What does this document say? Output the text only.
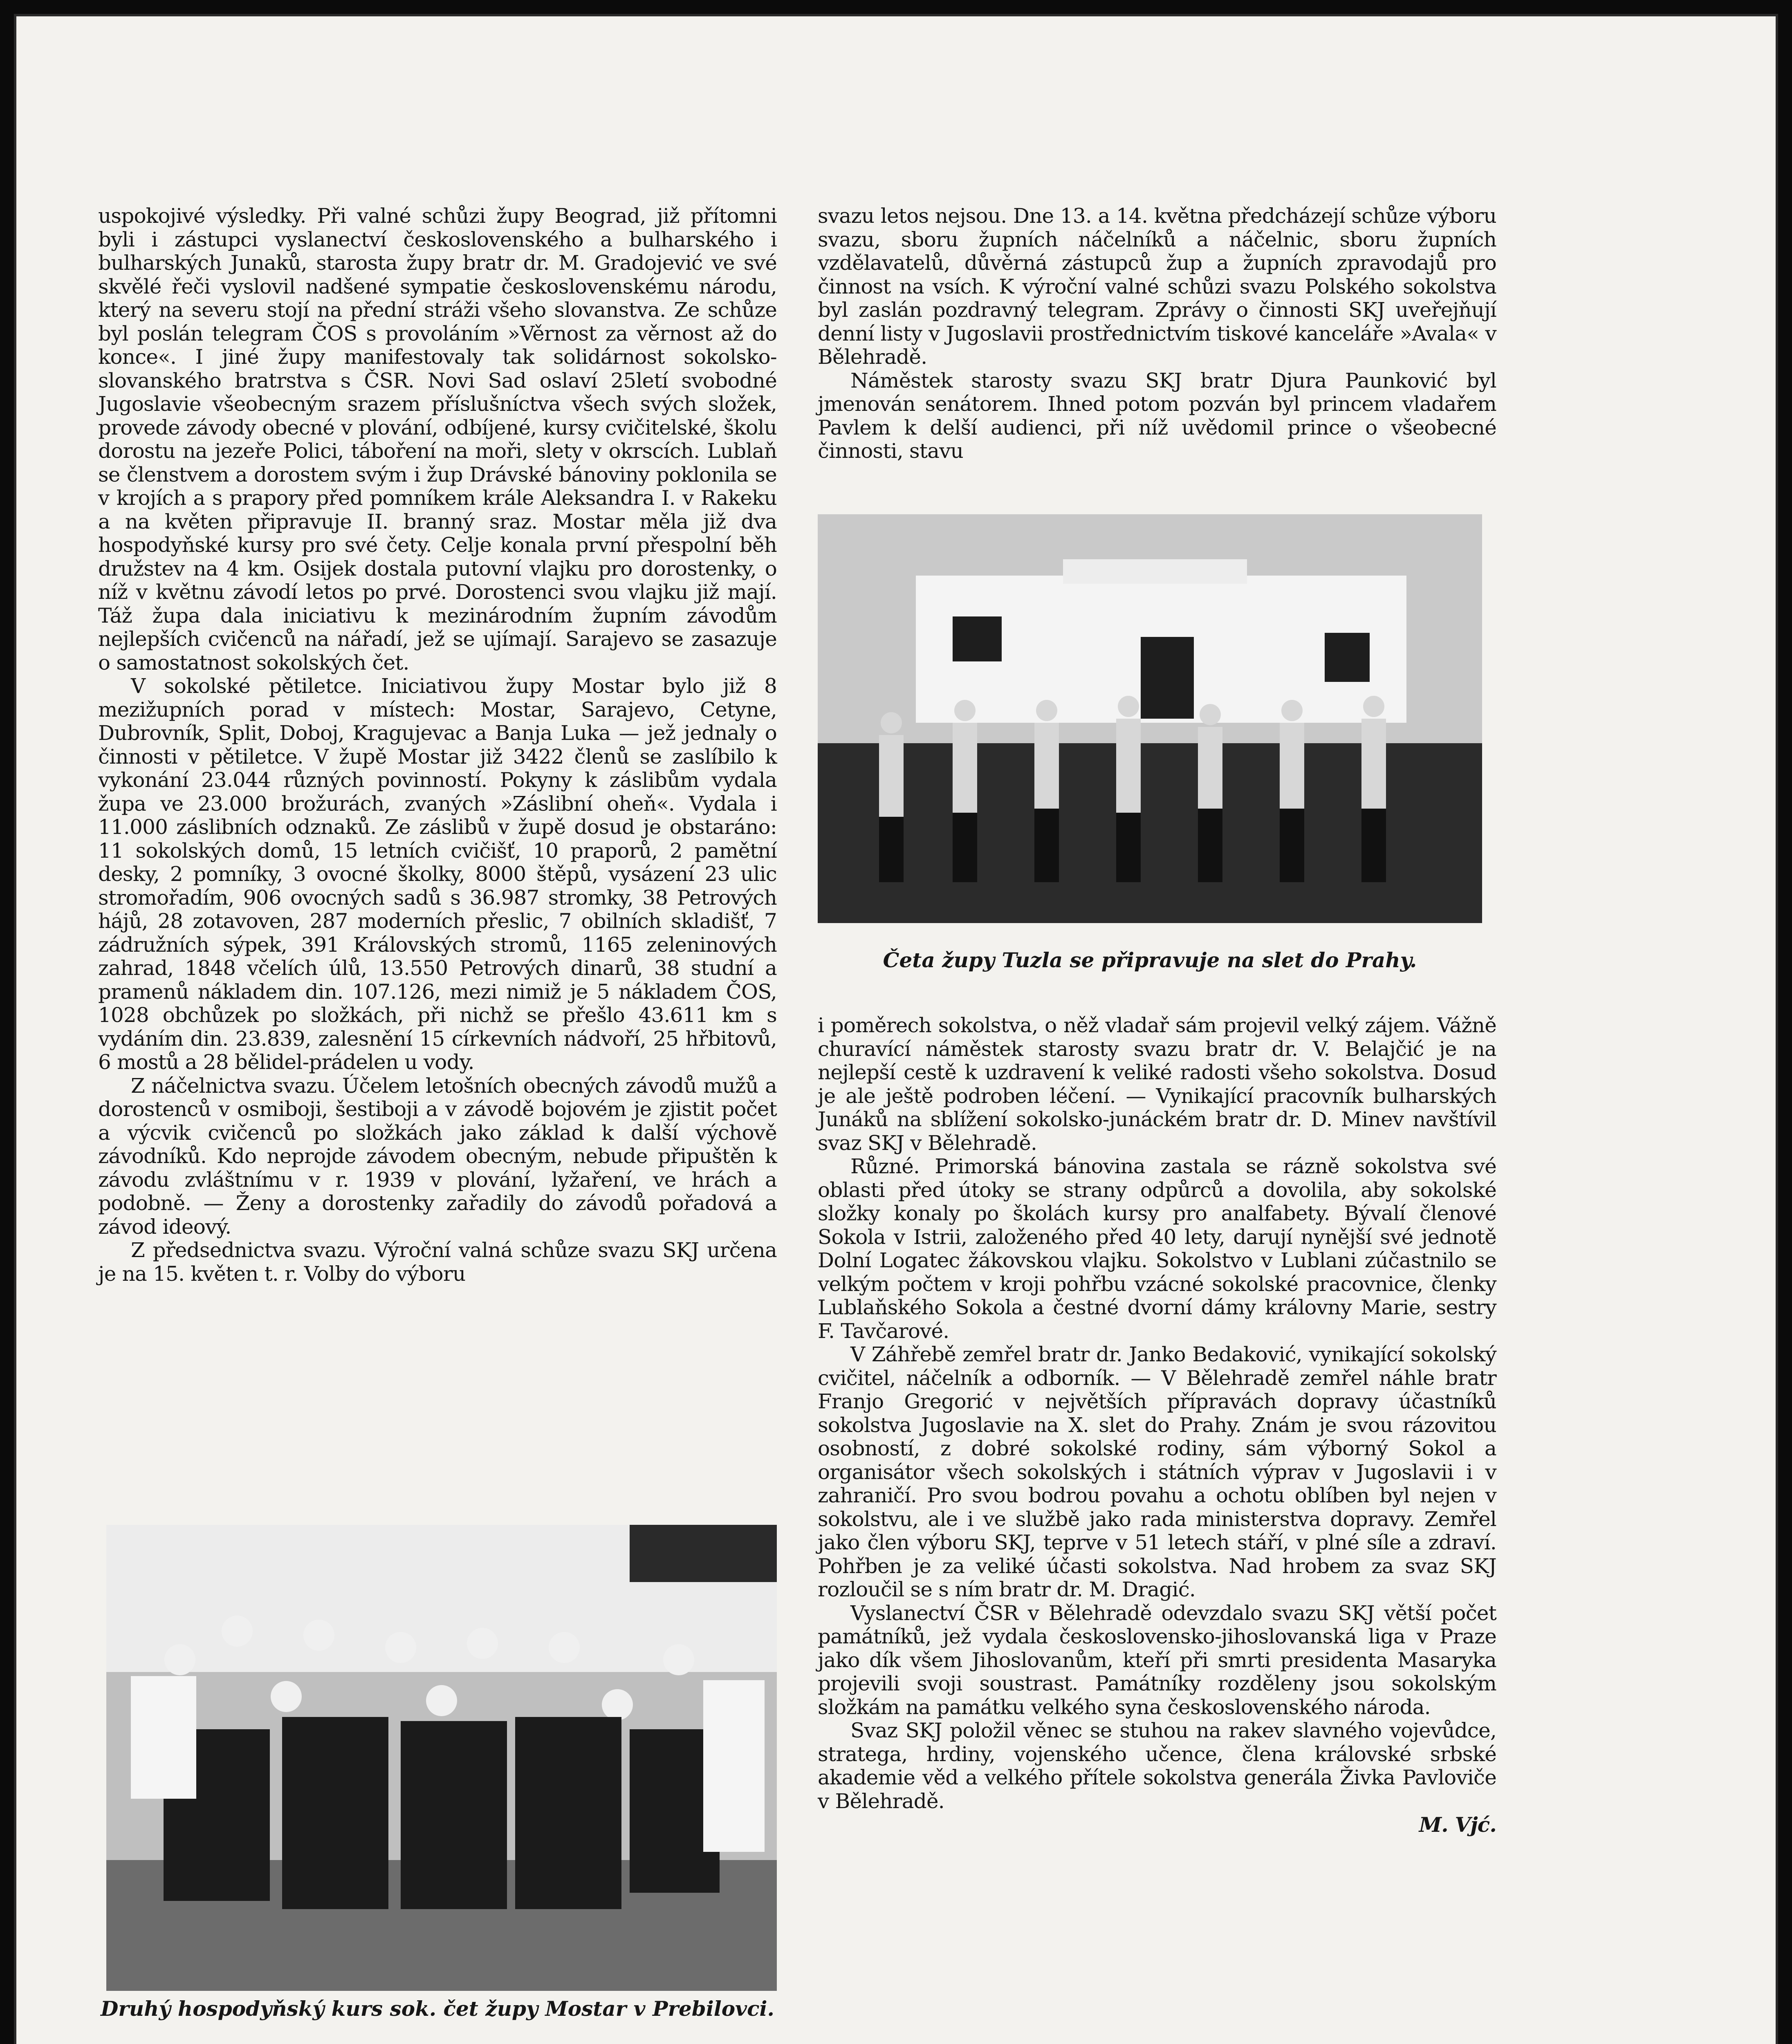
uspokojivé výsledky. Při valné schůzi župy Beograd, již přítomni byli i zástupci vyslanectví československého a bulharského i bulharských Junaků, starosta župy bratr dr. M. Gradojević ve své skvělé řeči vyslovil nadšené sympatie československému národu, který na severu stojí na přední stráži všeho slovanstva. Ze schůze byl poslán telegram ČOS s provoláním »Věrnost za věrnost až do konce«. I jiné župy manifestovaly tak solidárnost sokolsko-slovanského bratrstva s ČSR. Novi Sad oslaví 25letí svobodné Jugoslavie všeobecným srazem příslušníctva všech svých složek, provede závody obecné v plování, odbíjené, kursy cvičitelské, školu dorostu na jezeře Polici, táboření na moři, slety v okrscích. Lublaň se členstvem a dorostem svým i žup Drávské bánoviny poklonila se v krojích a s prapory před pomníkem krále Aleksandra I. v Rakeku a na květen připravuje II. branný sraz. Mostar měla již dva hospodyňské kursy pro své čety. Celje konala první přespolní běh družstev na 4 km. Osijek dostala putovní vlajku pro dorostenky, o níž v květnu závodí letos po prvé. Dorostenci svou vlajku již mají. Táž župa dala iniciativu k mezinárodním župním závodům nejlepších cvičenců na nářadí, jež se ujímají. Sarajevo se zasazuje o samostatnost sokolských čet.

V sokolské pětiletce. Iniciativou župy Mostar bylo již 8 mezižupních porad v místech: Mostar, Sarajevo, Cetyne, Dubrovník, Split, Doboj, Kragujevac a Banja Luka — jež jednaly o činnosti v pětiletce. V župě Mostar již 3422 členů se zaslíbilo k vykonání 23.044 různých povinností. Pokyny k záslibům vydala župa ve 23.000 brožurách, zvaných »Záslibní oheň«. Vydala i 11.000 záslibních odznaků. Ze záslibů v župě dosud je obstaráno: 11 sokolských domů, 15 letních cvičišť, 10 praporů, 2 pamětní desky, 2 pomníky, 3 ovocné školky, 8000 štěpů, vysázení 23 ulic stromořadím, 906 ovocných sadů s 36.987 stromky, 38 Petrových hájů, 28 zotavoven, 287 moderních přeslic, 7 obilních skladišť, 7 zádružních sýpek, 391 Královských stromů, 1165 zeleninových zahrad, 1848 včelích úlů, 13.550 Petrových dinarů, 38 studní a pramenů nákladem din. 107.126, mezi nimiž je 5 nákladem ČOS, 1028 obchůzek po složkách, při nichž se přešlo 43.611 km s vydáním din. 23.839, zalesnění 15 církevních nádvoří, 25 hřbitovů, 6 mostů a 28 bělidel-prádelen u vody.

Z náčelnictva svazu. Účelem letošních obecných závodů mužů a dorostenců v osmiboji, šestiboji a v závodě bojovém je zjistit počet a výcvik cvičenců po složkách jako základ k další výchově závodníků. Kdo neprojde závodem obecným, nebude připuštěn k závodu zvláštnímu v r. 1939 v plování, lyžaření, ve hrách a podobně. — Ženy a dorostenky zařadily do závodů pořadová a závod ideový.

Z předsednictva svazu. Výroční valná schůze svazu SKJ určena je na 15. květen t. r. Volby do výboru

svazu letos nejsou. Dne 13. a 14. května předcházejí schůze výboru svazu, sboru župních náčelníků a náčelnic, sboru župních vzdělavatelů, důvěrná zástupců žup a župních zpravodajů pro činnost na vsích. K výroční valné schůzi svazu Polského sokolstva byl zaslán pozdravný telegram. Zprávy o činnosti SKJ uveřejňují denní listy v Jugoslavii prostřednictvím tiskové kanceláře »Avala« v Bělehradě.

Náměstek starosty svazu SKJ bratr Djura Paunković byl jmenován senátorem. Ihned potom pozván byl princem vladařem Pavlem k delší audienci, při níž uvědomil prince o všeobecné činnosti, stavu

Četa župy Tuzla se připravuje na slet do Prahy.

i poměrech sokolstva, o něž vladař sám projevil velký zájem. Vážně churavící náměstek starosty svazu bratr dr. V. Belajčić je na nejlepší cestě k uzdravení k veliké radosti všeho sokolstva. Dosud je ale ještě podroben léčení. — Vynikající pracovník bulharských Junáků na sblížení sokolsko-junáckém bratr dr. D. Minev navštívil svaz SKJ v Bělehradě.

Různé. Primorská bánovina zastala se rázně sokolstva své oblasti před útoky se strany odpůrců a dovolila, aby sokolské složky konaly po školách kursy pro analfabety. Bývalí členové Sokola v Istrii, založeného před 40 lety, darují nynější své jednotě Dolní Logatec žákovskou vlajku. Sokolstvo v Lublani zúčastnilo se velkým počtem v kroji pohřbu vzácné sokolské pracovnice, členky Lublaňského Sokola a čestné dvorní dámy královny Marie, sestry F. Tavčarové.

V Záhřebě zemřel bratr dr. Janko Bedaković, vynikající sokolský cvičitel, náčelník a odborník. — V Bělehradě zemřel náhle bratr Franjo Gregorić v největších přípravách dopravy účastníků sokolstva Jugoslavie na X. slet do Prahy. Znám je svou rázovitou osobností, z dobré sokolské rodiny, sám výborný Sokol a organisátor všech sokolských i státních výprav v Jugoslavii i v zahraničí. Pro svou bodrou povahu a ochotu oblíben byl nejen v sokolstvu, ale i ve službě jako rada ministerstva dopravy. Zemřel jako člen výboru SKJ, teprve v 51 letech stáří, v plné síle a zdraví. Pohřben je za veliké účasti sokolstva. Nad hrobem za svaz SKJ rozloučil se s ním bratr dr. M. Dragić.

Vyslanectví ČSR v Bělehradě odevzdalo svazu SKJ větší počet památníků, jež vydala československo-jihoslovanská liga v Praze jako dík všem Jihoslovanům, kteří při smrti presidenta Masaryka projevili svoji soustrast. Památníky rozděleny jsou sokolským složkám na památku velkého syna československého národa.

Svaz SKJ položil věnec se stuhou na rakev slavného vojevůdce, stratega, hrdiny, vojenského učence, člena královské srbské akademie věd a velkého přítele sokolstva generála Živka Pavloviče v Bělehradě.

M. Vjć.

Druhý hospodyňský kurs sok. čet župy Mostar v Prebilovci.
